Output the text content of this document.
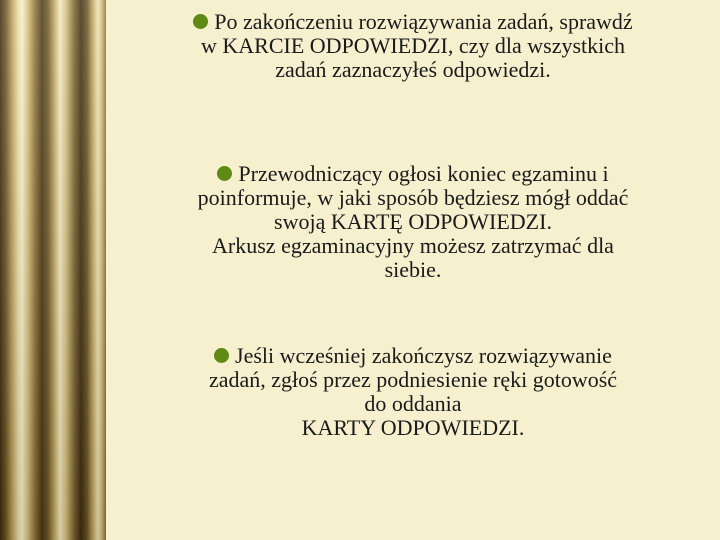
Po zakończeniu rozwiązywania zadań, sprawdź
w KARCIE ODPOWIEDZI, czy dla wszystkich
zadań zaznaczyłeś odpowiedzi.
Przewodniczący ogłosi koniec egzaminu i
poinformuje, w jaki sposób będziesz mógł oddać
swoją KARTĘ ODPOWIEDZI.
Arkusz egzaminacyjny możesz zatrzymać dla
siebie.
Jeśli wcześniej zakończysz rozwiązywanie
zadań, zgłoś przez podniesienie ręki gotowość
do oddania
KARTY ODPOWIEDZI.
